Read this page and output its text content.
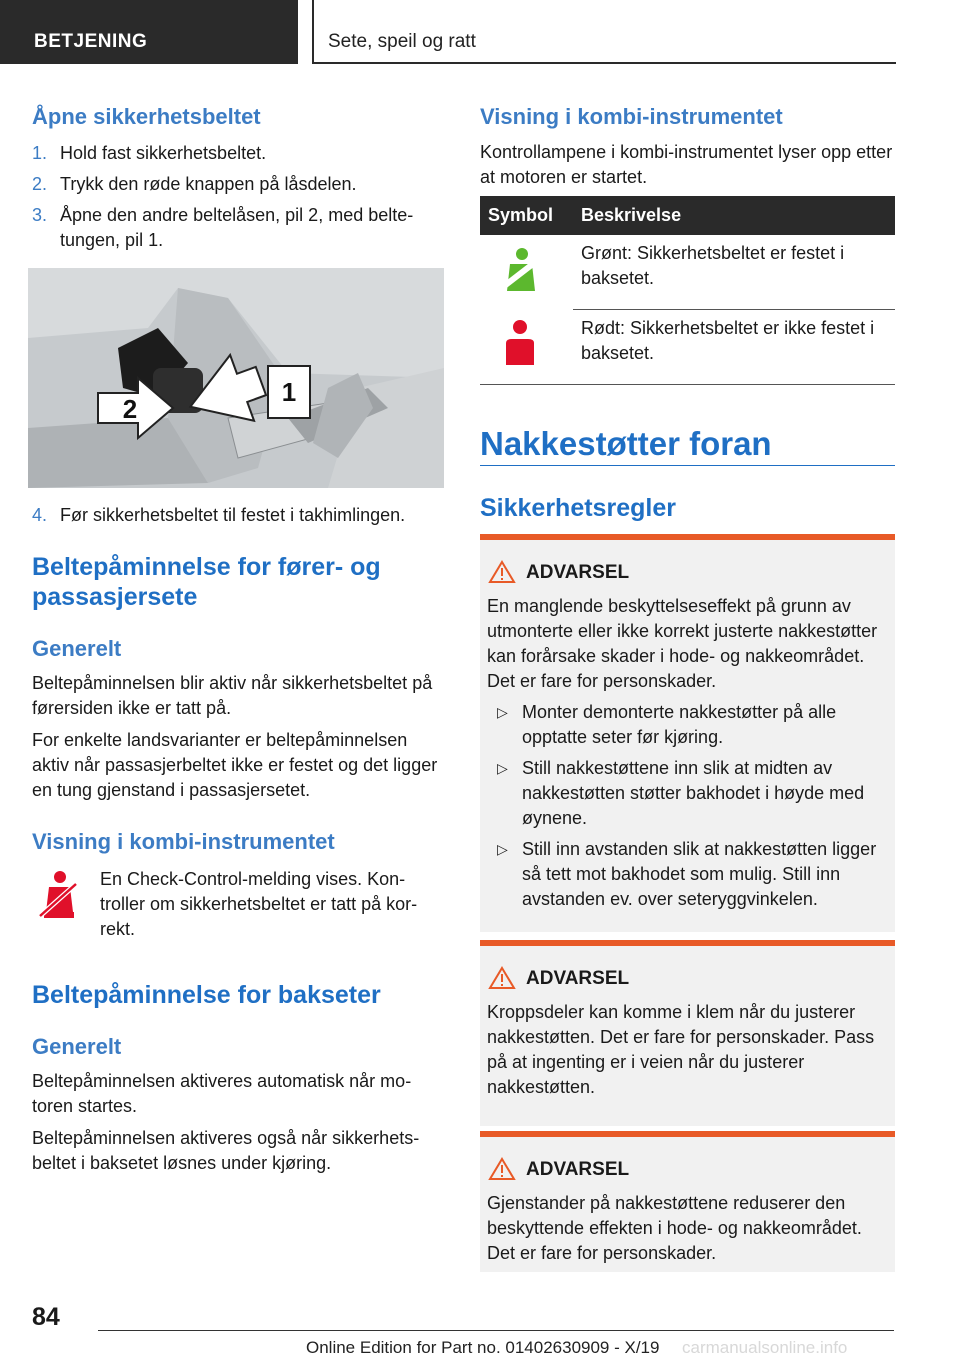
BETJENING	Sete, speil og ratt
Åpne sikkerhetsbeltet
1. Hold fast sikkerhetsbeltet.
2. Trykk den røde knappen på låsdelen.
3. Åpne den andre beltelåsen, pil 2, med beltetungen, pil 1.
1
2
4. Før sikkerhetsbeltet til festet i takhimlingen.
Beltepåminnelse for fører- og passasjersete
Generelt

Beltepåminnelsen blir aktiv når sikkerhetsbeltet på førersiden ikke er tatt på.

For enkelte landsvarianter er beltepåminnelsen aktiv når passasjerbeltet ikke er festet og det ligger en tung gjenstand i passasjersetet.

Visning i kombi-instrumentet

En Check-Control-melding vises. Kontroller om sikkerhetsbeltet er tatt på korrekt.

Beltepåminnelse for bakseter
Generelt

Beltepåminnelsen aktiveres automatisk når motoren startes.

Beltepåminnelsen aktiveres også når sikkerhetsbeltet i baksetet løsnes under kjøring.

Visning i kombi-instrumentet

Kontrollampene i kombi-instrumentet lyser opp etter at motoren er startet.

Symbol	Beskrivelse
	Grønt: Sikkerhetsbeltet er festet i baksetet.
	Rødt: Sikkerhetsbeltet er ikke festet i baksetet.
Nakkestøtter foran
Sikkerhetsregler
ADVARSEL

En manglende beskyttelseseffekt på grunn av utmonterte eller ikke korrekt justerte nakkestøtter kan forårsake skader i hode- og nakkeområdet. Det er fare for personskader.

▷ Monter demonterte nakkestøtter på alle opptatte seter før kjøring.
▷ Still nakkestøttene inn slik at midten av nakkestøtten støtter bakhodet i høyde med øynene.
▷ Still inn avstanden slik at nakkestøtten ligger så tett mot bakhodet som mulig. Still inn avstanden ev. over seteryggvinkelen.
ADVARSEL

Kroppsdeler kan komme i klem når du justerer nakkestøtten. Det er fare for personskader. Pass på at ingenting er i veien når du justerer nakkestøtten.

ADVARSEL

Gjenstander på nakkestøttene reduserer den beskyttende effekten i hode- og nakkeområdet. Det er fare for personskader.

84
Online Edition for Part no. 01402630909 - X/19 carmanualsonline.info
